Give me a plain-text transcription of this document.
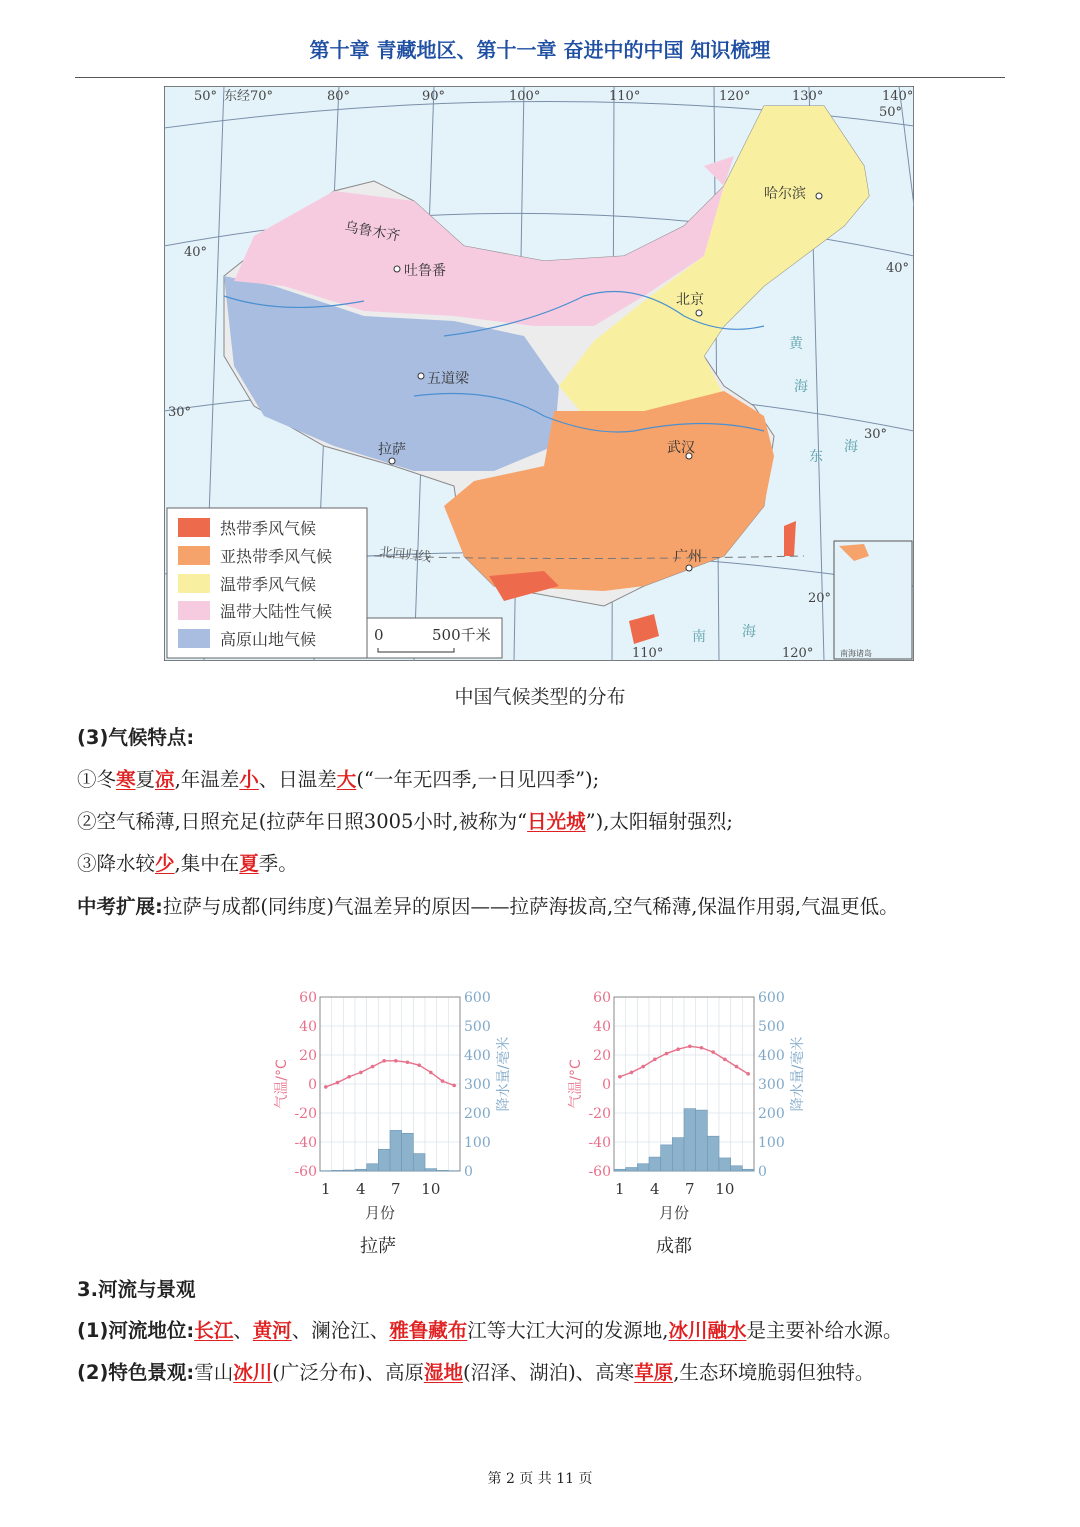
第十章 青藏地区、第十一章 奋进中的中国 知识梳理
北回归线
50° 东经70°	80°	90°	100°	110°	120°	130°	140°
50°
40°
40°
30°
30°
20°
110°	120°
乌鲁木齐
吐鲁番
哈尔滨
北京
五道梁
拉萨	武汉
广州
黄
海
东
海
南	海
南海诸岛
热带季风气候
亚热带季风气候
温带季风气候
温带大陆性气候
高原山地气候	0	500千米
中国气候类型的分布
(3)气候特点:
①冬寒夏凉,年温差小、日温差大(“一年无四季,一日见四季”);
②空气稀薄,日照充足(拉萨年日照3005小时,被称为“日光城”),太阳辐射强烈;
③降水较少,集中在夏季。
中考扩展:拉萨与成都(同纬度)气温差异的原因——拉萨海拔高,空气稀薄,保温作用弱,气温更低。
60
40
20
0
-20
-40
-60
600
500
400
300
200
100
0
1 4 7 10
月份
气温/°C	降水量/毫米
60
40
20
0
-20
-40
-60
600
500
400
300
200
100
0
1 4 7 10
月份
气温/°C	降水量/毫米
拉萨	成都
3.河流与景观
(1)河流地位:长江、黄河、澜沧江、雅鲁藏布江等大江大河的发源地,冰川融水是主要补给水源。
(2)特色景观:雪山冰川(广泛分布)、高原湿地(沼泽、湖泊)、高寒草原,生态环境脆弱但独特。
第 2 页 共 11 页
